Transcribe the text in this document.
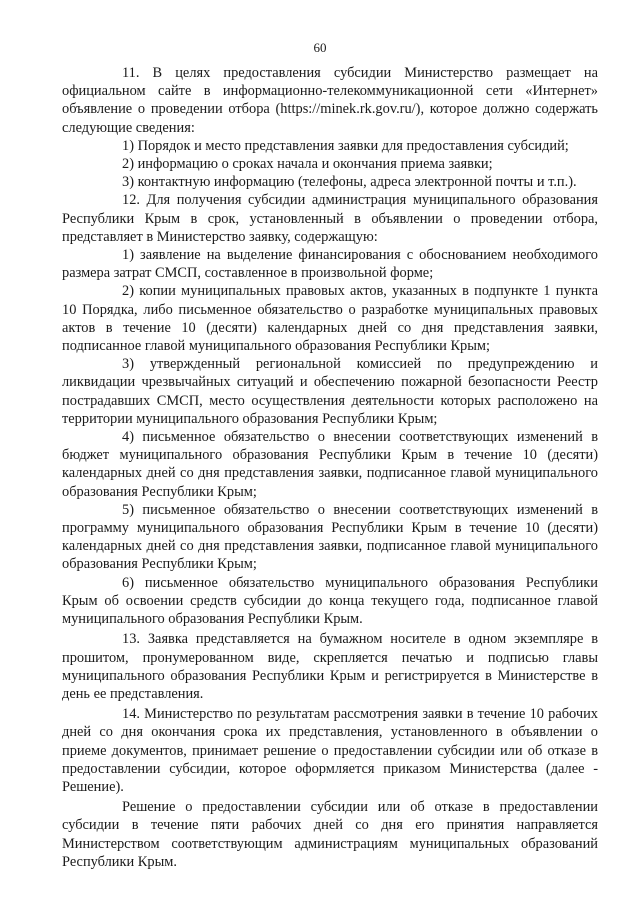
60

11. В целях предоставления субсидии Министерство размещает на официальном сайте в информационно-телекоммуникационной сети «Интернет» объявление о проведении отбора (https://minek.rk.gov.ru/), которое должно содержать следующие сведения:

1) Порядок и место представления заявки для предоставления субсидий;

2) информацию о сроках начала и окончания приема заявки;

3) контактную информацию (телефоны, адреса электронной почты и т.п.).

12. Для получения субсидии администрация муниципального образования Республики Крым в срок, установленный в объявлении о проведении отбора, представляет в Министерство заявку, содержащую:

1) заявление на выделение финансирования с обоснованием необходимого размера затрат СМСП, составленное в произвольной форме;

2) копии муниципальных правовых актов, указанных в подпункте 1 пункта 10 Порядка, либо письменное обязательство о разработке муниципальных правовых актов в течение 10 (десяти) календарных дней со дня представления заявки, подписанное главой муниципального образования Республики Крым;

3) утвержденный региональной комиссией по предупреждению и ликвидации чрезвычайных ситуаций и обеспечению пожарной безопасности Реестр пострадавших СМСП, место осуществления деятельности которых расположено на территории муниципального образования Республики Крым;

4) письменное обязательство о внесении соответствующих изменений в бюджет муниципального образования Республики Крым в течение 10 (десяти) календарных дней со дня представления заявки, подписанное главой муниципального образования Республики Крым;

5) письменное обязательство о внесении соответствующих изменений в программу муниципального образования Республики Крым в течение 10 (десяти) календарных дней со дня представления заявки, подписанное главой муниципального образования Республики Крым;

6) письменное обязательство муниципального образования Республики Крым об освоении средств субсидии до конца текущего года, подписанное главой муниципального образования Республики Крым.

13. Заявка представляется на бумажном носителе в одном экземпляре в прошитом, пронумерованном виде, скрепляется печатью и подписью главы муниципального образования Республики Крым и регистрируется в Министерстве в день ее представления.

14. Министерство по результатам рассмотрения заявки в течение 10 рабочих дней со дня окончания срока их представления, установленного в объявлении о приеме документов, принимает решение о предоставлении субсидии или об отказе в предоставлении субсидии, которое оформляется приказом Министерства (далее - Решение).

Решение о предоставлении субсидии или об отказе в предоставлении субсидии в течение пяти рабочих дней со дня его принятия направляется Министерством соответствующим администрациям муниципальных образований Республики Крым.
